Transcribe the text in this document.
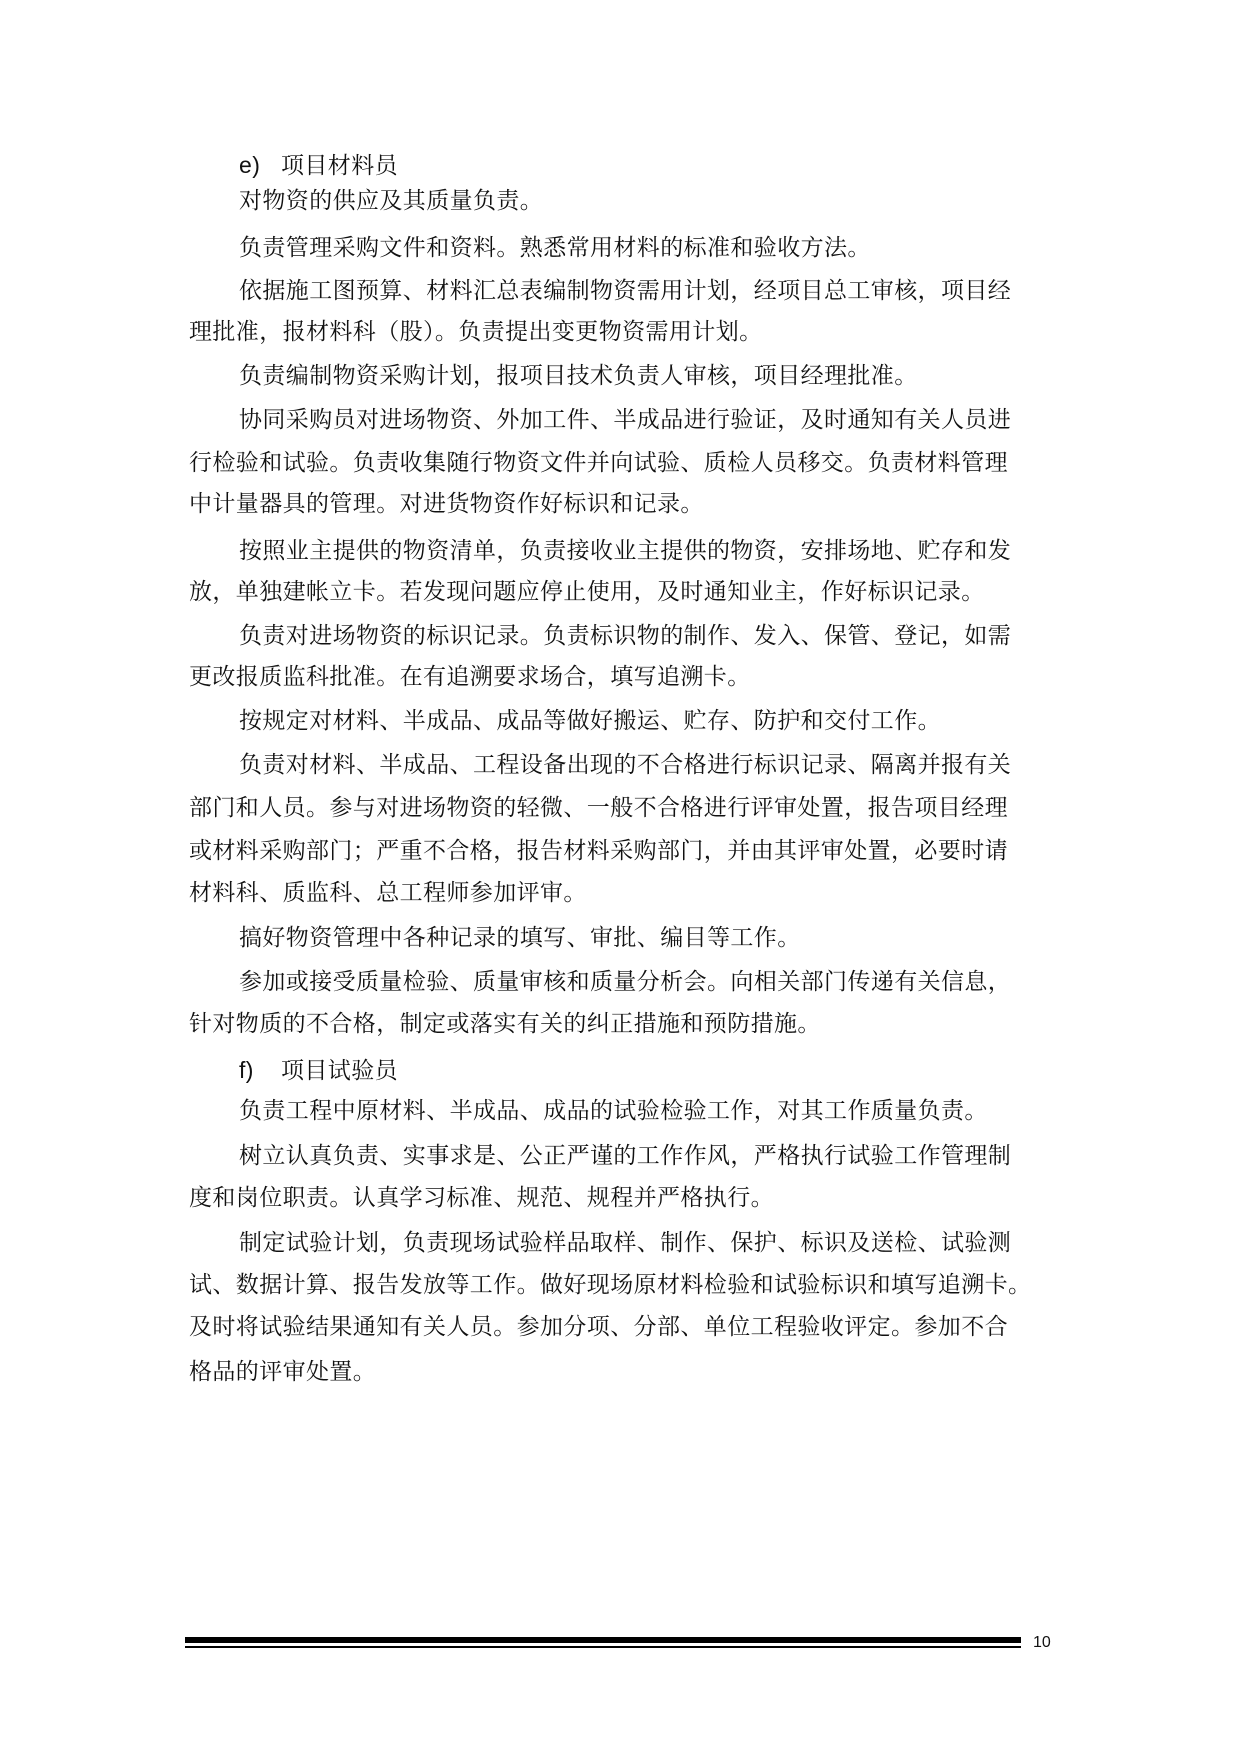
e) 项目材料员
对物资的供应及其质量负责。
负责管理采购文件和资料。熟悉常用材料的标准和验收方法。
依据施工图预算、材料汇总表编制物资需用计划，经项目总工审核，项目经
理批准，报材料科（股）。负责提出变更物资需用计划。
负责编制物资采购计划，报项目技术负责人审核，项目经理批准。
协同采购员对进场物资、外加工件、半成品进行验证，及时通知有关人员进
行检验和试验。负责收集随行物资文件并向试验、质检人员移交。负责材料管理
中计量器具的管理。对进货物资作好标识和记录。
按照业主提供的物资清单，负责接收业主提供的物资，安排场地、贮存和发
放，单独建帐立卡。若发现问题应停止使用，及时通知业主，作好标识记录。
负责对进场物资的标识记录。负责标识物的制作、发入、保管、登记，如需
更改报质监科批准。在有追溯要求场合，填写追溯卡。
按规定对材料、半成品、成品等做好搬运、贮存、防护和交付工作。
负责对材料、半成品、工程设备出现的不合格进行标识记录、隔离并报有关
部门和人员。参与对进场物资的轻微、一般不合格进行评审处置，报告项目经理
或材料采购部门；严重不合格，报告材料采购部门，并由其评审处置，必要时请
材料科、质监科、总工程师参加评审。
搞好物资管理中各种记录的填写、审批、编目等工作。
参加或接受质量检验、质量审核和质量分析会。向相关部门传递有关信息，
针对物质的不合格，制定或落实有关的纠正措施和预防措施。
f) 项目试验员
负责工程中原材料、半成品、成品的试验检验工作，对其工作质量负责。
树立认真负责、实事求是、公正严谨的工作作风，严格执行试验工作管理制
度和岗位职责。认真学习标准、规范、规程并严格执行。
制定试验计划，负责现场试验样品取样、制作、保护、标识及送检、试验测
试、数据计算、报告发放等工作。做好现场原材料检验和试验标识和填写追溯卡。
及时将试验结果通知有关人员。参加分项、分部、单位工程验收评定。参加不合
格品的评审处置。
10
